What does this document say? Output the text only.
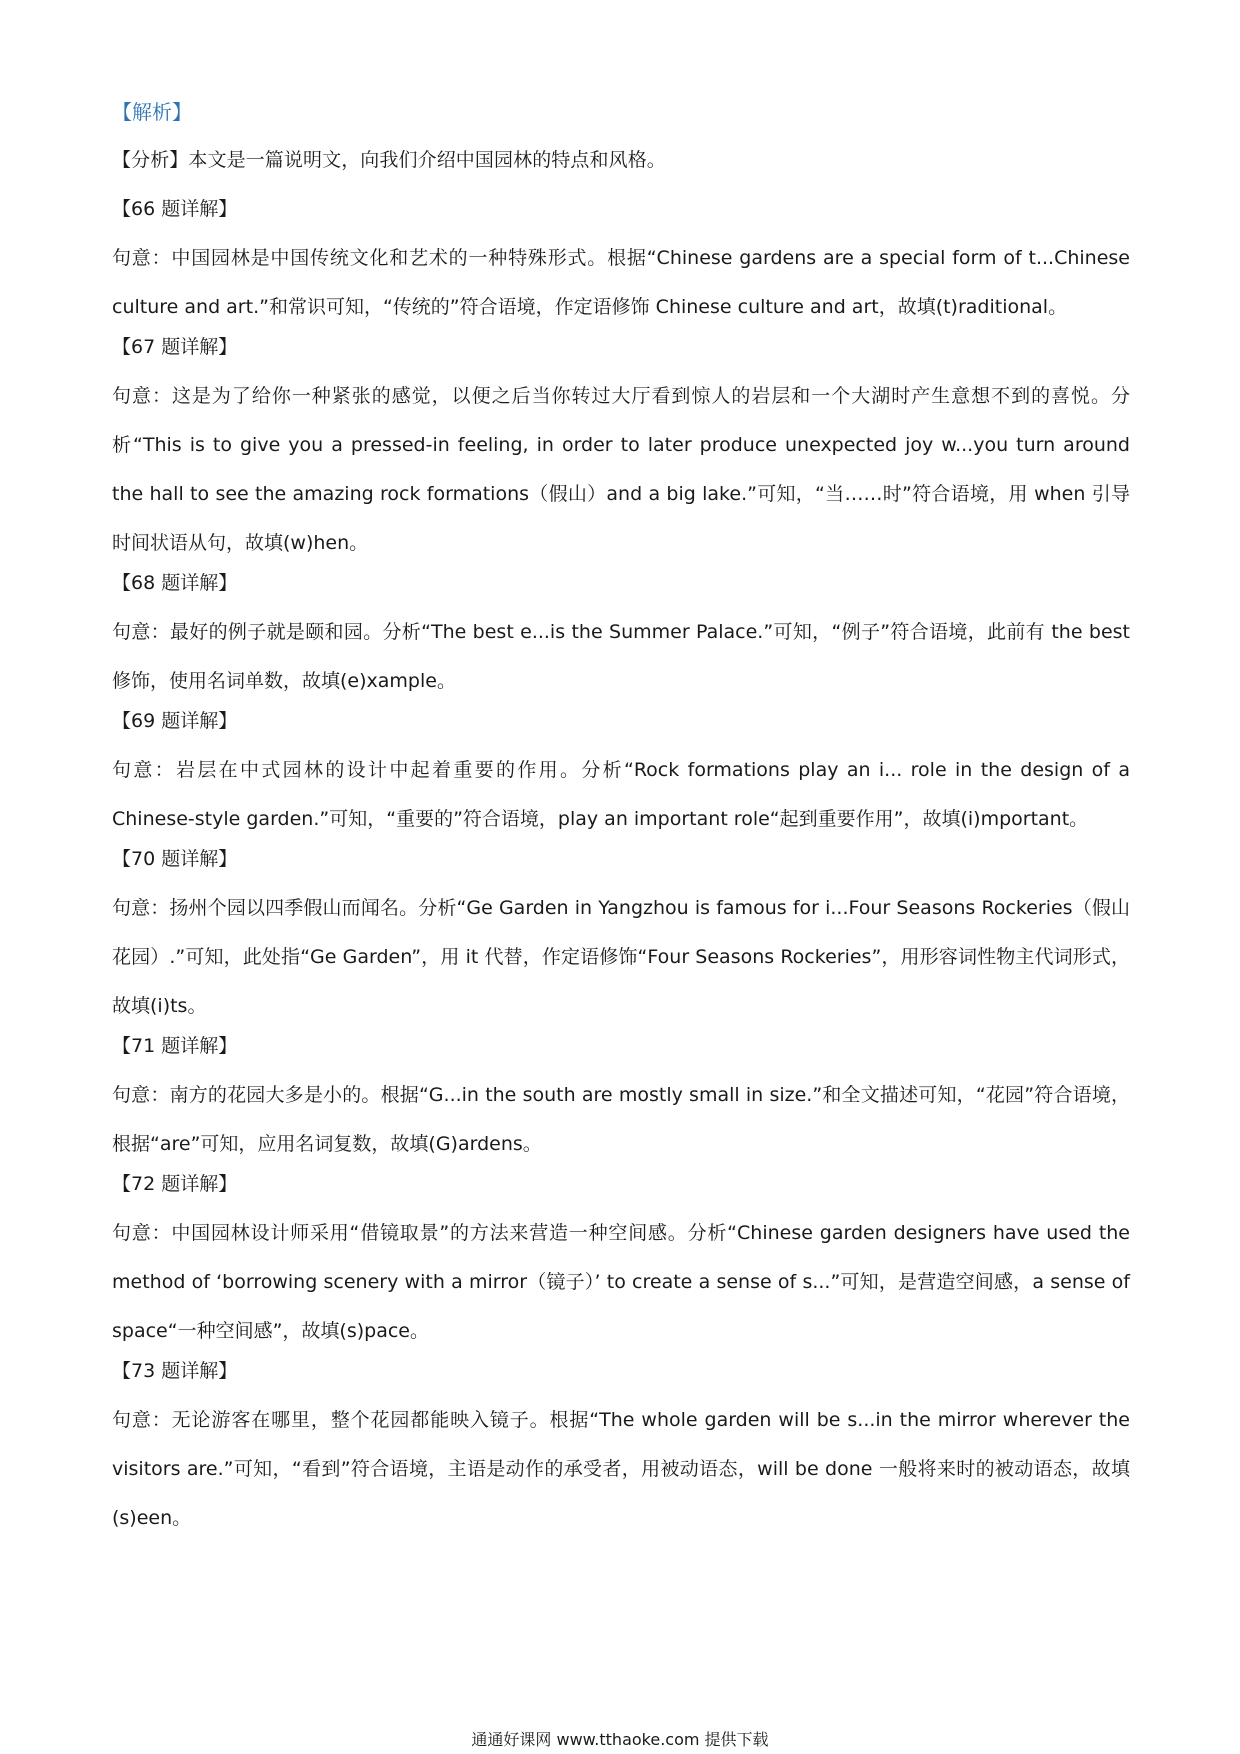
【解析】
【分析】本文是一篇说明文，向我们介绍中国园林的特点和风格。
【66 题详解】
句意：中国园林是中国传统文化和艺术的一种特殊形式。根据“Chinese gardens are a special form of t...Chinese culture and art.”和常识可知，“传统的”符合语境，作定语修饰 Chinese culture and art，故填(t)raditional。
【67 题详解】
句意：这是为了给你一种紧张的感觉，以便之后当你转过大厅看到惊人的岩层和一个大湖时产生意想不到的喜悦。分析“This is to give you a pressed-in feeling, in order to later produce unexpected joy w...you turn around the hall to see the amazing rock formations（假山）and a big lake.”可知，“当……时”符合语境，用 when 引导时间状语从句，故填(w)hen。
【68 题详解】
句意：最好的例子就是颐和园。分析“The best e...is the Summer Palace.”可知，“例子”符合语境，此前有 the best 修饰，使用名词单数，故填(e)xample。
【69 题详解】
句意：岩层在中式园林的设计中起着重要的作用。分析“Rock formations play an i... role in the design of a Chinese-style garden.”可知，“重要的”符合语境，play an important role“起到重要作用”，故填(i)mportant。
【70 题详解】
句意：扬州个园以四季假山而闻名。分析“Ge Garden in Yangzhou is famous for i...Four Seasons Rockeries（假山花园）.”可知，此处指“Ge Garden”，用 it 代替，作定语修饰“Four Seasons Rockeries”，用形容词性物主代词形式，故填(i)ts。
【71 题详解】
句意：南方的花园大多是小的。根据“G...in the south are mostly small in size.”和全文描述可知，“花园”符合语境，根据“are”可知，应用名词复数，故填(G)ardens。
【72 题详解】
句意：中国园林设计师采用“借镜取景”的方法来营造一种空间感。分析“Chinese garden designers have used the method of ‘borrowing scenery with a mirror（镜子）’ to create a sense of s...”可知，是营造空间感，a sense of space“一种空间感”，故填(s)pace。
【73 题详解】
句意：无论游客在哪里，整个花园都能映入镜子。根据“The whole garden will be s...in the mirror wherever the visitors are.”可知，“看到”符合语境，主语是动作的承受者，用被动语态，will be done 一般将来时的被动语态，故填(s)een。
通通好课网 www.tthaoke.com 提供下载
